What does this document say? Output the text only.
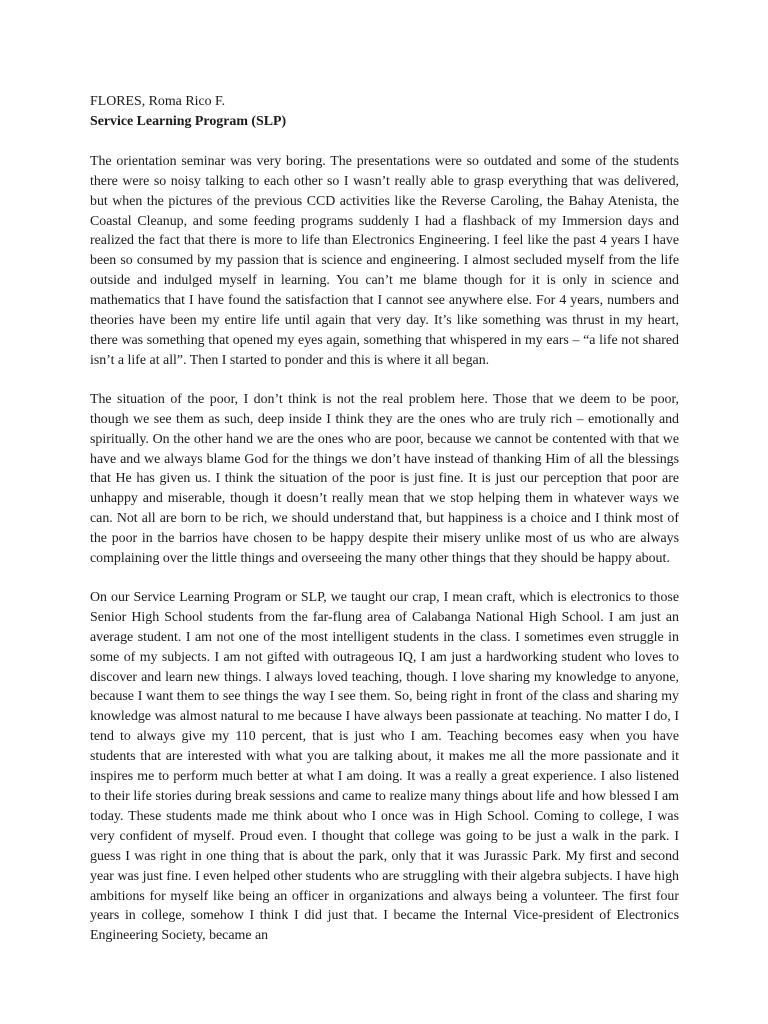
FLORES, Roma Rico F.

Service Learning Program (SLP)

The orientation seminar was very boring. The presentations were so outdated and some of the students there were so noisy talking to each other so I wasn’t really able to grasp everything that was delivered, but when the pictures of the previous CCD activities like the Reverse Caroling, the Bahay Atenista, the Coastal Cleanup, and some feeding programs suddenly I had a flashback of my Immersion days and realized the fact that there is more to life than Electronics Engineering. I feel like the past 4 years I have been so consumed by my passion that is science and engineering. I almost secluded myself from the life outside and indulged myself in learning. You can’t me blame though for it is only in science and mathematics that I have found the satisfaction that I cannot see anywhere else. For 4 years, numbers and theories have been my entire life until again that very day. It’s like something was thrust in my heart, there was something that opened my eyes again, something that whispered in my ears – “a life not shared isn’t a life at all”. Then I started to ponder and this is where it all began.

The situation of the poor, I don’t think is not the real problem here. Those that we deem to be poor, though we see them as such, deep inside I think they are the ones who are truly rich – emotionally and spiritually. On the other hand we are the ones who are poor, because we cannot be contented with that we have and we always blame God for the things we don’t have instead of thanking Him of all the blessings that He has given us. I think the situation of the poor is just fine. It is just our perception that poor are unhappy and miserable, though it doesn’t really mean that we stop helping them in whatever ways we can. Not all are born to be rich, we should understand that, but happiness is a choice and I think most of the poor in the barrios have chosen to be happy despite their misery unlike most of us who are always complaining over the little things and overseeing the many other things that they should be happy about.

On our Service Learning Program or SLP, we taught our crap, I mean craft, which is electronics to those Senior High School students from the far-flung area of Calabanga National High School. I am just an average student. I am not one of the most intelligent students in the class. I sometimes even struggle in some of my subjects. I am not gifted with outrageous IQ, I am just a hardworking student who loves to discover and learn new things. I always loved teaching, though. I love sharing my knowledge to anyone, because I want them to see things the way I see them. So, being right in front of the class and sharing my knowledge was almost natural to me because I have always been passionate at teaching. No matter I do, I tend to always give my 110 percent, that is just who I am. Teaching becomes easy when you have students that are interested with what you are talking about, it makes me all the more passionate and it inspires me to perform much better at what I am doing. It was a really a great experience. I also listened to their life stories during break sessions and came to realize many things about life and how blessed I am today. These students made me think about who I once was in High School. Coming to college, I was very confident of myself. Proud even. I thought that college was going to be just a walk in the park. I guess I was right in one thing that is about the park, only that it was Jurassic Park. My first and second year was just fine. I even helped other students who are struggling with their algebra subjects. I have high ambitions for myself like being an officer in organizations and always being a volunteer. The first four years in college, somehow I think I did just that. I became the Internal Vice-president of Electronics Engineering Society, became an
